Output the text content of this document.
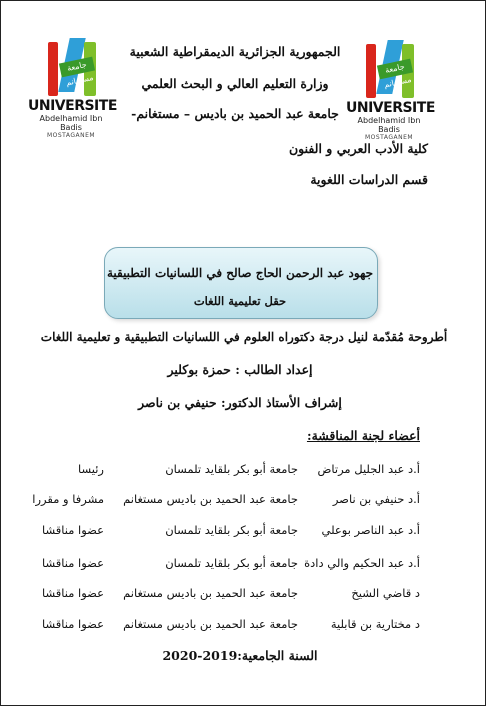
جامعة مستغانم
UNIVERSITE
Abdelhamid Ibn Badis
MOSTAGANEM
جامعة مستغانم
UNIVERSITE
Abdelhamid Ibn Badis
MOSTAGANEM
الجمهورية الجزائرية الديمقراطية الشعبية
وزارة التعليم العالي و البحث العلمي
جامعة عبد الحميد بن باديس – مستغانم-
كلية الأدب العربي و الفنون
قسم الدراسات اللغوية
جهود عبد الرحمن الحاج صالح في اللسانيات التطبيقية
حقل تعليمية اللغات
أطروحة مُقدّمة لنيل درجة دكتوراه العلوم في اللسانيات التطبيقية و تعليمية اللغات
إعداد الطالب : حمزة بوكلير
إشراف الأستاذ الدكتور: حنيفي بن ناصر
أعضاء لجنة المناقشة:
أ.د عبد الجليل مرتاض
جامعة أبو بكر بلقايد تلمسان
رئيسا
أ.د حنيفي بن ناصر
جامعة عبد الحميد بن باديس مستغانم
مشرفا و مقررا
أ.د عبد الناصر بوعلي
جامعة أبو بكر بلقايد تلمسان
عضوا مناقشا
أ.د عبد الحكيم والي دادة
جامعة أبو بكر بلقايد تلمسان
عضوا مناقشا
د قاضي الشيخ
جامعة عبد الحميد بن باديس مستغانم
عضوا مناقشا
د مختارية بن قابلية
جامعة عبد الحميد بن باديس مستغانم
عضوا مناقشا
السنة الجامعية:2019-2020
